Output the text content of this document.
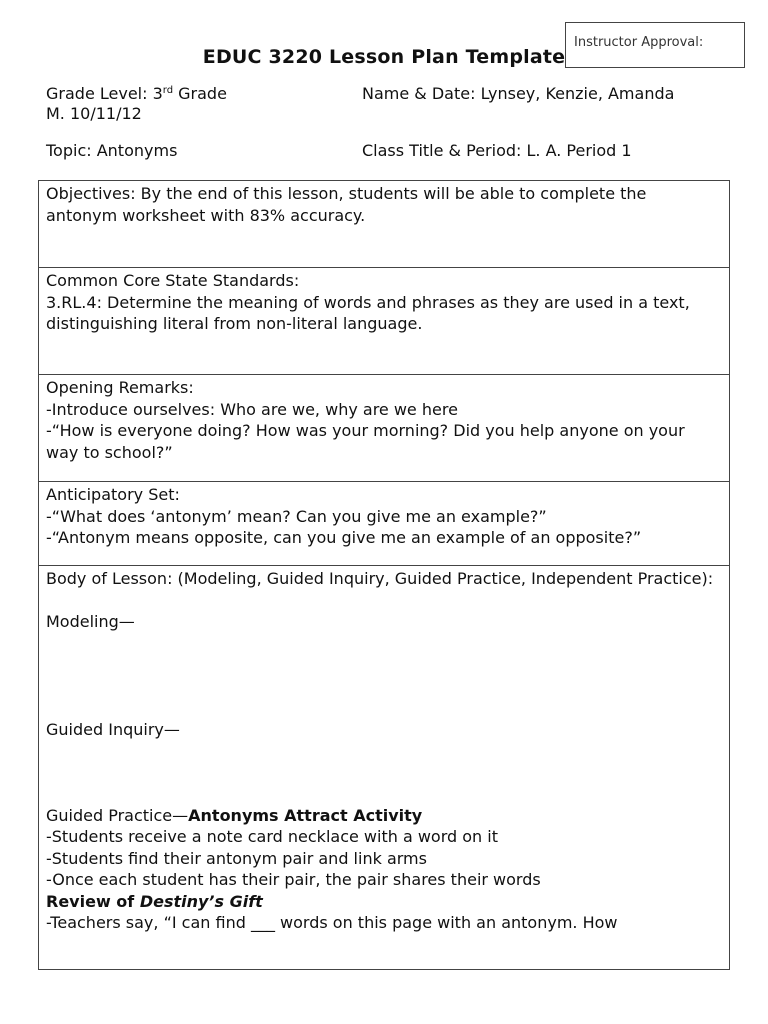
Instructor Approval:
EDUC 3220 Lesson Plan Template
Grade Level: 3rd Grade	Name & Date: Lynsey, Kenzie, Amanda
M. 10/11/12
Topic: Antonyms	Class Title & Period: L. A. Period 1
Objectives: By the end of this lesson, students will be able to complete the antonym worksheet with 83% accuracy.

Common Core State Standards:
3.RL.4: Determine the meaning of words and phrases as they are used in a text, distinguishing literal from non-literal language.

Opening Remarks:
-Introduce ourselves: Who are we, why are we here
-“How is everyone doing? How was your morning? Did you help anyone on your way to school?”

Anticipatory Set:
-“What does ‘antonym’ mean? Can you give me an example?”
-“Antonym means opposite, can you give me an example of an opposite?”

Body of Lesson: (Modeling, Guided Inquiry, Guided Practice, Independent Practice):
Modeling—
Guided Inquiry—
Guided Practice—Antonyms Attract Activity
-Students receive a note card necklace with a word on it
-Students find their antonym pair and link arms
-Once each student has their pair, the pair shares their words
Review of Destiny’s Gift
-Teachers say, “I can find ___ words on this page with an antonym. How
